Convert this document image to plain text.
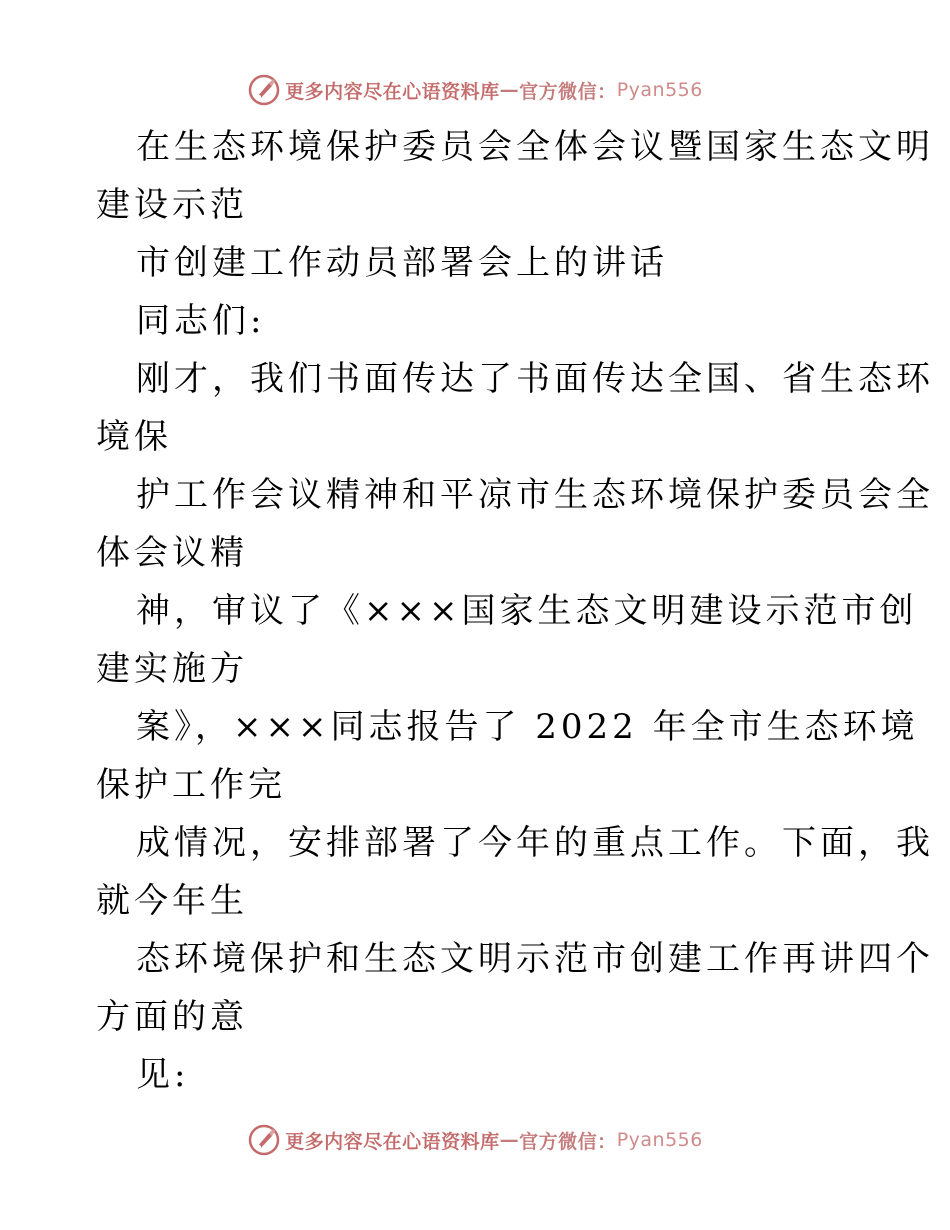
更多内容尽在心语资料库 — 官方微信： Pyan556
在生态环境保护委员会全体会议暨国家生态文明
建设示范
市创建工作动员部署会上的讲话
同志们:
刚才，我们书面传达了书面传达全国、省生态环
境保
护工作会议精神和平凉市生态环境保护委员会全
体会议精
神，审议了《×××国家生态文明建设示范市创
建实施方
案》，×××同志报告了 2022 年全市生态环境
保护工作完
成情况，安排部署了今年的重点工作。下面，我
就今年生
态环境保护和生态文明示范市创建工作再讲四个
方面的意
见:
更多内容尽在心语资料库 — 官方微信： Pyan556
